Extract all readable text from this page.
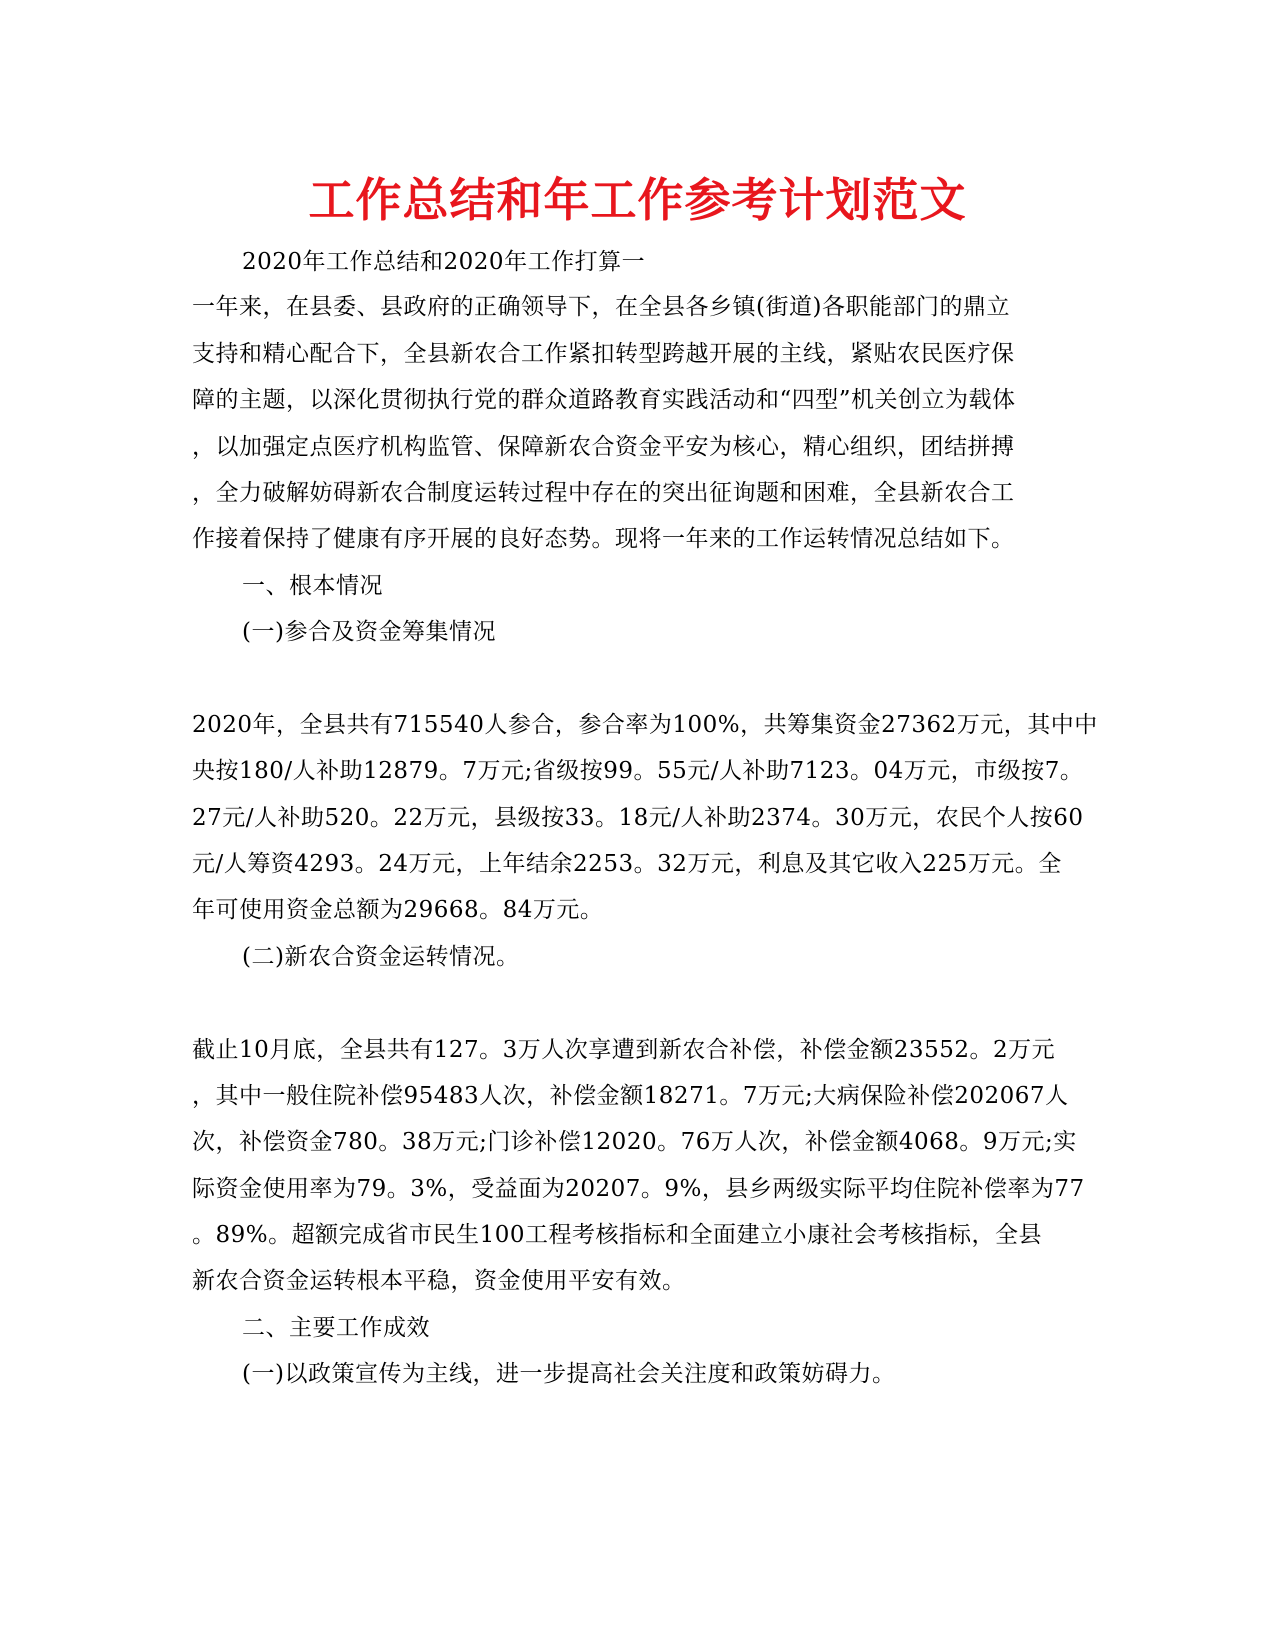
工作总结和年工作参考计划范文
2020年工作总结和2020年工作打算一
一年来，在县委、县政府的正确领导下，在全县各乡镇(街道)各职能部门的鼎立
支持和精心配合下，全县新农合工作紧扣转型跨越开展的主线，紧贴农民医疗保
障的主题，以深化贯彻执行党的群众道路教育实践活动和“四型”机关创立为载体
，以加强定点医疗机构监管、保障新农合资金平安为核心，精心组织，团结拼搏
，全力破解妨碍新农合制度运转过程中存在的突出征询题和困难，全县新农合工
作接着保持了健康有序开展的良好态势。现将一年来的工作运转情况总结如下。
一、根本情况
(一)参合及资金筹集情况
2020年，全县共有715540人参合，参合率为100%，共筹集资金27362万元，其中中
央按180/人补助12879。7万元;省级按99。55元/人补助7123。04万元，市级按7。
27元/人补助520。22万元，县级按33。18元/人补助2374。30万元，农民个人按60
元/人筹资4293。24万元，上年结余2253。32万元，利息及其它收入225万元。全
年可使用资金总额为29668。84万元。
(二)新农合资金运转情况。
截止10月底，全县共有127。3万人次享遭到新农合补偿，补偿金额23552。2万元
，其中一般住院补偿95483人次，补偿金额18271。7万元;大病保险补偿202067人
次，补偿资金780。38万元;门诊补偿12020。76万人次，补偿金额4068。9万元;实
际资金使用率为79。3%，受益面为20207。9%，县乡两级实际平均住院补偿率为77
。89%。超额完成省市民生100工程考核指标和全面建立小康社会考核指标，全县
新农合资金运转根本平稳，资金使用平安有效。
二、主要工作成效
(一)以政策宣传为主线，进一步提高社会关注度和政策妨碍力。
